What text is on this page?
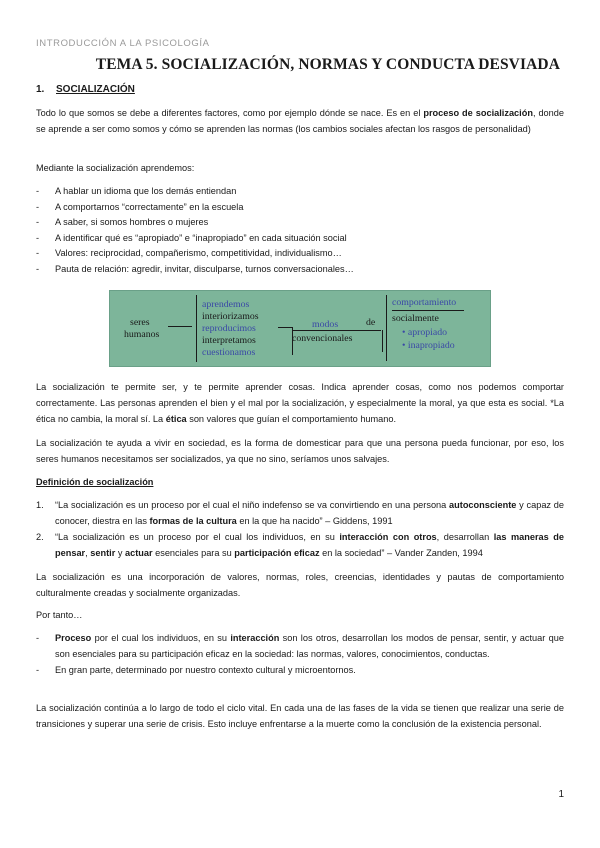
INTRODUCCIÓN A LA PSICOLOGÍA
TEMA 5. SOCIALIZACIÓN, NORMAS Y CONDUCTA DESVIADA
1. SOCIALIZACIÓN

Todo lo que somos se debe a diferentes factores, como por ejemplo dónde se nace. Es en el proceso de socialización, donde se aprende a ser como somos y cómo se aprenden las normas (los cambios sociales afectan los rasgos de personalidad)

Mediante la socialización aprendemos:

- A hablar un idioma que los demás entiendan
- A comportarnos “correctamente” en la escuela
- A saber, si somos hombres o mujeres
- A identificar qué es “apropiado” e “inapropiado” en cada situación social
- Valores: reciprocidad, compañerismo, competitividad, individualismo…
- Pauta de relación: agredir, invitar, disculparse, turnos conversacionales…
seres
humanos
aprendemos
interiorizamos
reproducimos
interpretamos
cuestionamos
modos
convencionales
de
comportamiento
socialmente
• apropiado
• inapropiado

La socialización te permite ser, y te permite aprender cosas. Indica aprender cosas, como nos podemos comportar correctamente. Las personas aprenden el bien y el mal por la socialización, y especialmente la moral, ya que esta es social. *La ética no cambia, la moral sí. La ética son valores que guían el comportamiento humano.

La socialización te ayuda a vivir en sociedad, es la forma de domesticar para que una persona pueda funcionar, por eso, los seres humanos necesitamos ser socializados, ya que no sino, seríamos unos salvajes.

Definición de socialización

1. “La socialización es un proceso por el cual el niño indefenso se va convirtiendo en una persona autoconsciente y capaz de conocer, diestra en las formas de la cultura en la que ha nacido” – Giddens, 1991
2. “La socialización es un proceso por el cual los individuos, en su interacción con otros, desarrollan las maneras de pensar, sentir y actuar esenciales para su participación eficaz en la sociedad” – Vander Zanden, 1994

La socialización es una incorporación de valores, normas, roles, creencias, identidades y pautas de comportamiento culturalmente creadas y socialmente organizadas.

Por tanto…

- Proceso por el cual los individuos, en su interacción son los otros, desarrollan los modos de pensar, sentir, y actuar que son esenciales para su participación eficaz en la sociedad: las normas, valores, conocimientos, conductas.
- En gran parte, determinado por nuestro contexto cultural y microentornos.

La socialización continúa a lo largo de todo el ciclo vital. En cada una de las fases de la vida se tienen que realizar una serie de transiciones y superar una serie de crisis. Esto incluye enfrentarse a la muerte como la conclusión de la existencia personal.

1
